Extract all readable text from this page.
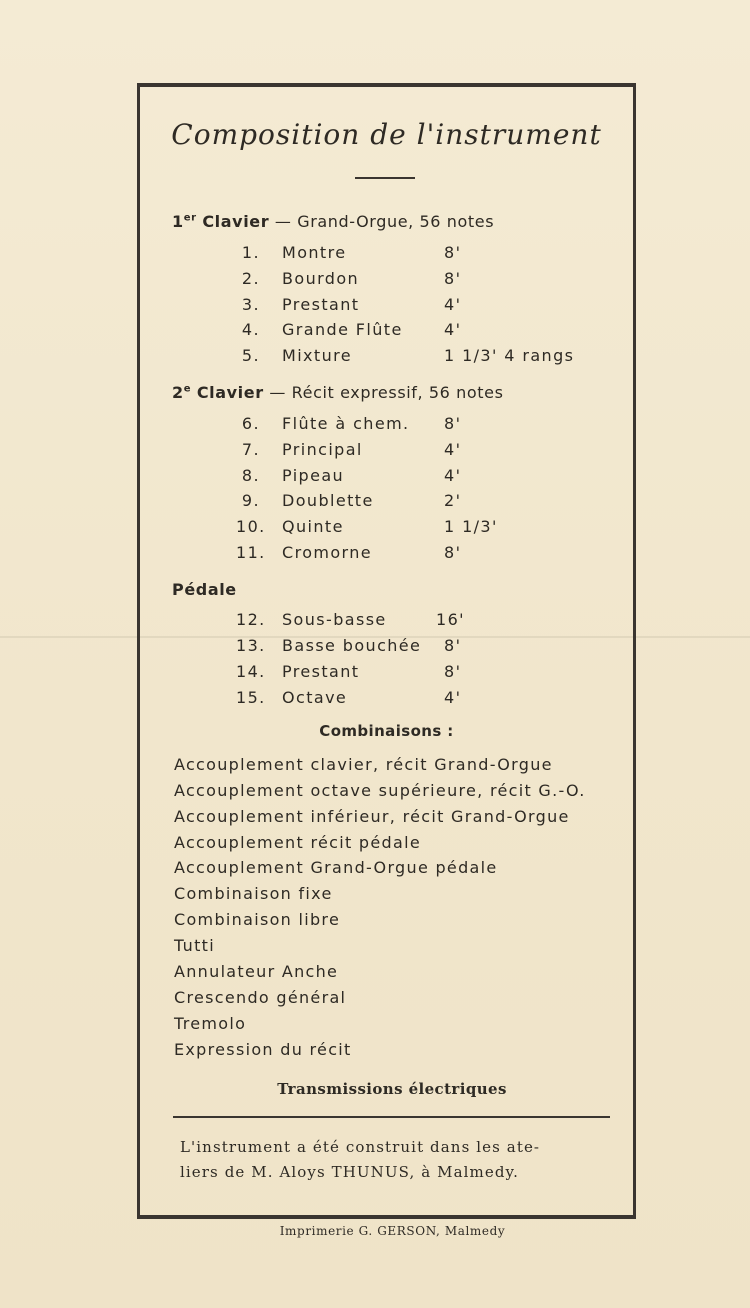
Composition de l'instrument
1er Clavier — Grand-Orgue, 56 notes
1. Montre	8'
2. Bourdon	8'
3. Prestant	4'
4. Grande Flûte	4'
5. Mixture	1 1/3' 4 rangs
2e Clavier — Récit expressif, 56 notes
6. Flûte à chem. 8'
7. Principal	4'
8. Pipeau	4'
9. Doublette	2'
10. Quinte	1 1/3'
11. Cromorne	8'
Pédale
12. Sous-basse	16'
13. Basse bouchée 8'
14. Prestant	8'
15. Octave	4'
Combinaisons :
Accouplement clavier, récit Grand-Orgue
Accouplement octave supérieure, récit G.-O.
Accouplement inférieur, récit Grand-Orgue
Accouplement récit pédale
Accouplement Grand-Orgue pédale
Combinaison fixe
Combinaison libre
Tutti
Annulateur Anche
Crescendo général
Tremolo
Expression du récit
Transmissions électriques
L'instrument a été construit dans les ate-
liers de M. Aloys THUNUS, à Malmedy.
Imprimerie G. GERSON, Malmedy
